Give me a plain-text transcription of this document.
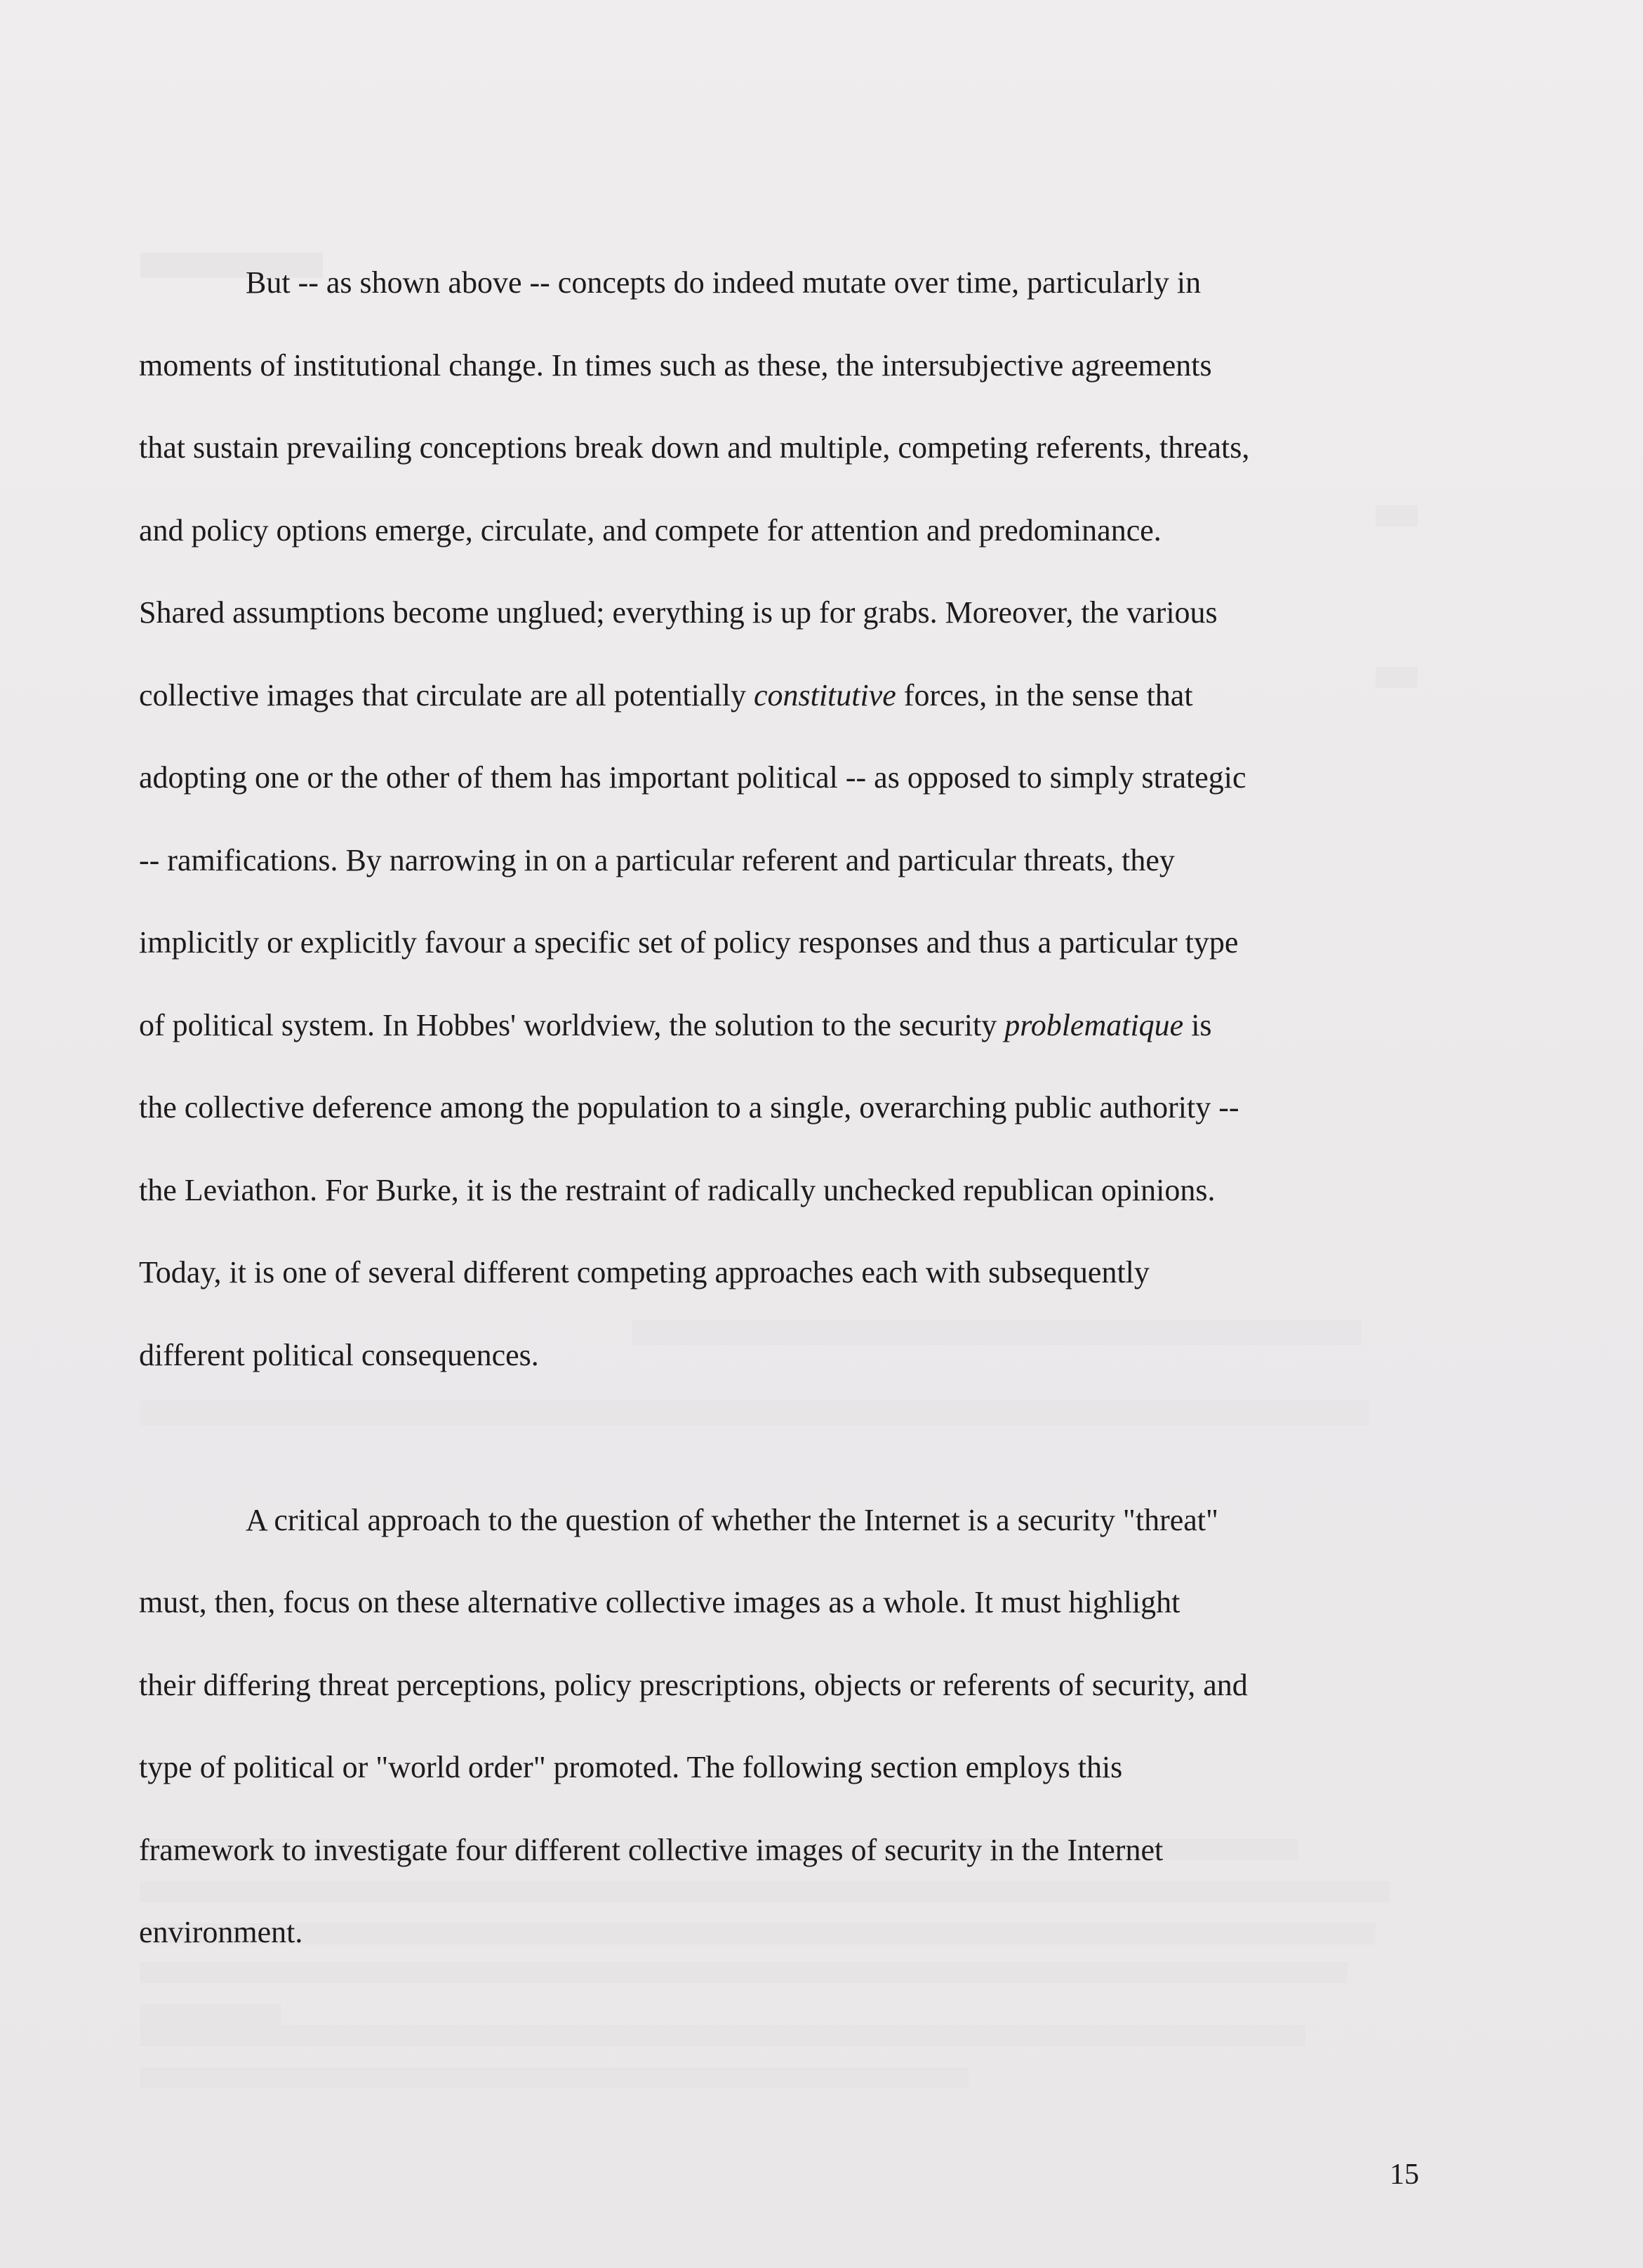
But -- as shown above -- concepts do indeed mutate over time, particularly in
moments of institutional change. In times such as these, the intersubjective agreements
that sustain prevailing conceptions break down and multiple, competing referents, threats,
and policy options emerge, circulate, and compete for attention and predominance.
Shared assumptions become unglued; everything is up for grabs. Moreover, the various
collective images that circulate are all potentially constitutive forces, in the sense that
adopting one or the other of them has important political -- as opposed to simply strategic
-- ramifications. By narrowing in on a particular referent and particular threats, they
implicitly or explicitly favour a specific set of policy responses and thus a particular type
of political system. In Hobbes' worldview, the solution to the security problematique is
the collective deference among the population to a single, overarching public authority --
the Leviathon. For Burke, it is the restraint of radically unchecked republican opinions.
Today, it is one of several different competing approaches each with subsequently
different political consequences.

A critical approach to the question of whether the Internet is a security "threat"
must, then, focus on these alternative collective images as a whole. It must highlight
their differing threat perceptions, policy prescriptions, objects or referents of security, and
type of political or "world order" promoted. The following section employs this
framework to investigate four different collective images of security in the Internet
environment.

15
